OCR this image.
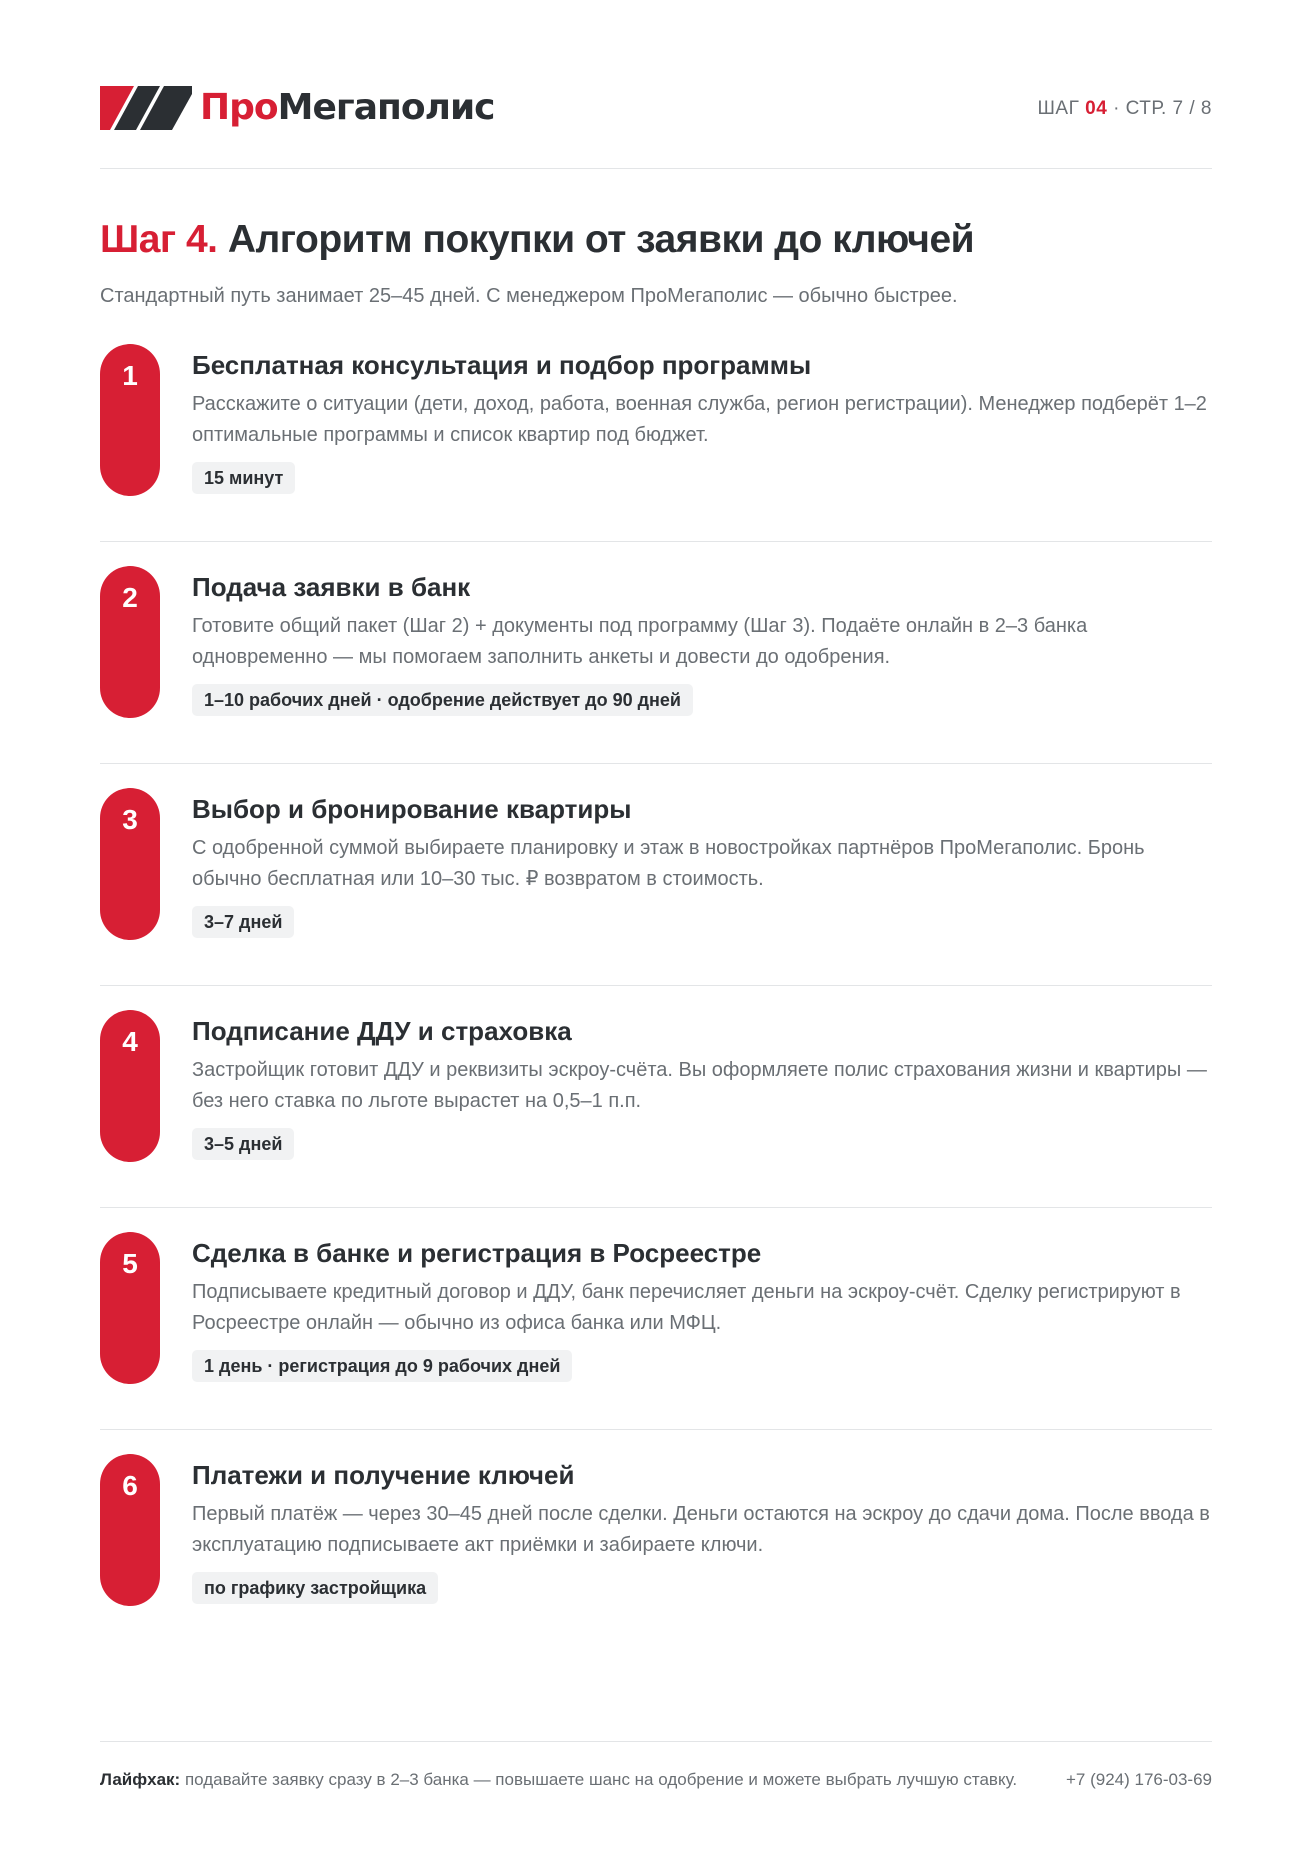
ПроМегаполис	ШАГ 04 · СТР. 7 / 8
Шаг 4. Алгоритм покупки от заявки до ключей
Стандартный путь занимает 25–45 дней. С менеджером ПроМегаполис — обычно быстрее.
1	Бесплатная консультация и подбор программы
Расскажите о ситуации (дети, доход, работа, военная служба, регион регистрации). Менеджер подберёт 1–2 оптимальные программы и список квартир под бюджет.
15 минут
2	Подача заявки в банк
Готовите общий пакет (Шаг 2) + документы под программу (Шаг 3). Подаёте онлайн в 2–3 банка одновременно — мы помогаем заполнить анкеты и довести до одобрения.
1–10 рабочих дней · одобрение действует до 90 дней
3	Выбор и бронирование квартиры
С одобренной суммой выбираете планировку и этаж в новостройках партнёров ПроМегаполис. Бронь обычно бесплатная или 10–30 тыс. ₽ возвратом в стоимость.
3–7 дней
4	Подписание ДДУ и страховка
Застройщик готовит ДДУ и реквизиты эскроу-счёта. Вы оформляете полис страхования жизни и квартиры — без него ставка по льготе вырастет на 0,5–1 п.п.
3–5 дней
5	Сделка в банке и регистрация в Росреестре
Подписываете кредитный договор и ДДУ, банк перечисляет деньги на эскроу-счёт. Сделку регистрируют в Росреестре онлайн — обычно из офиса банка или МФЦ.
1 день · регистрация до 9 рабочих дней
6	Платежи и получение ключей
Первый платёж — через 30–45 дней после сделки. Деньги остаются на эскроу до сдачи дома. После ввода в эксплуатацию подписываете акт приёмки и забираете ключи.
по графику застройщика
Лайфхак: подавайте заявку сразу в 2–3 банка — повышаете шанс на одобрение и можете выбрать лучшую ставку.	+7 (924) 176-03-69
